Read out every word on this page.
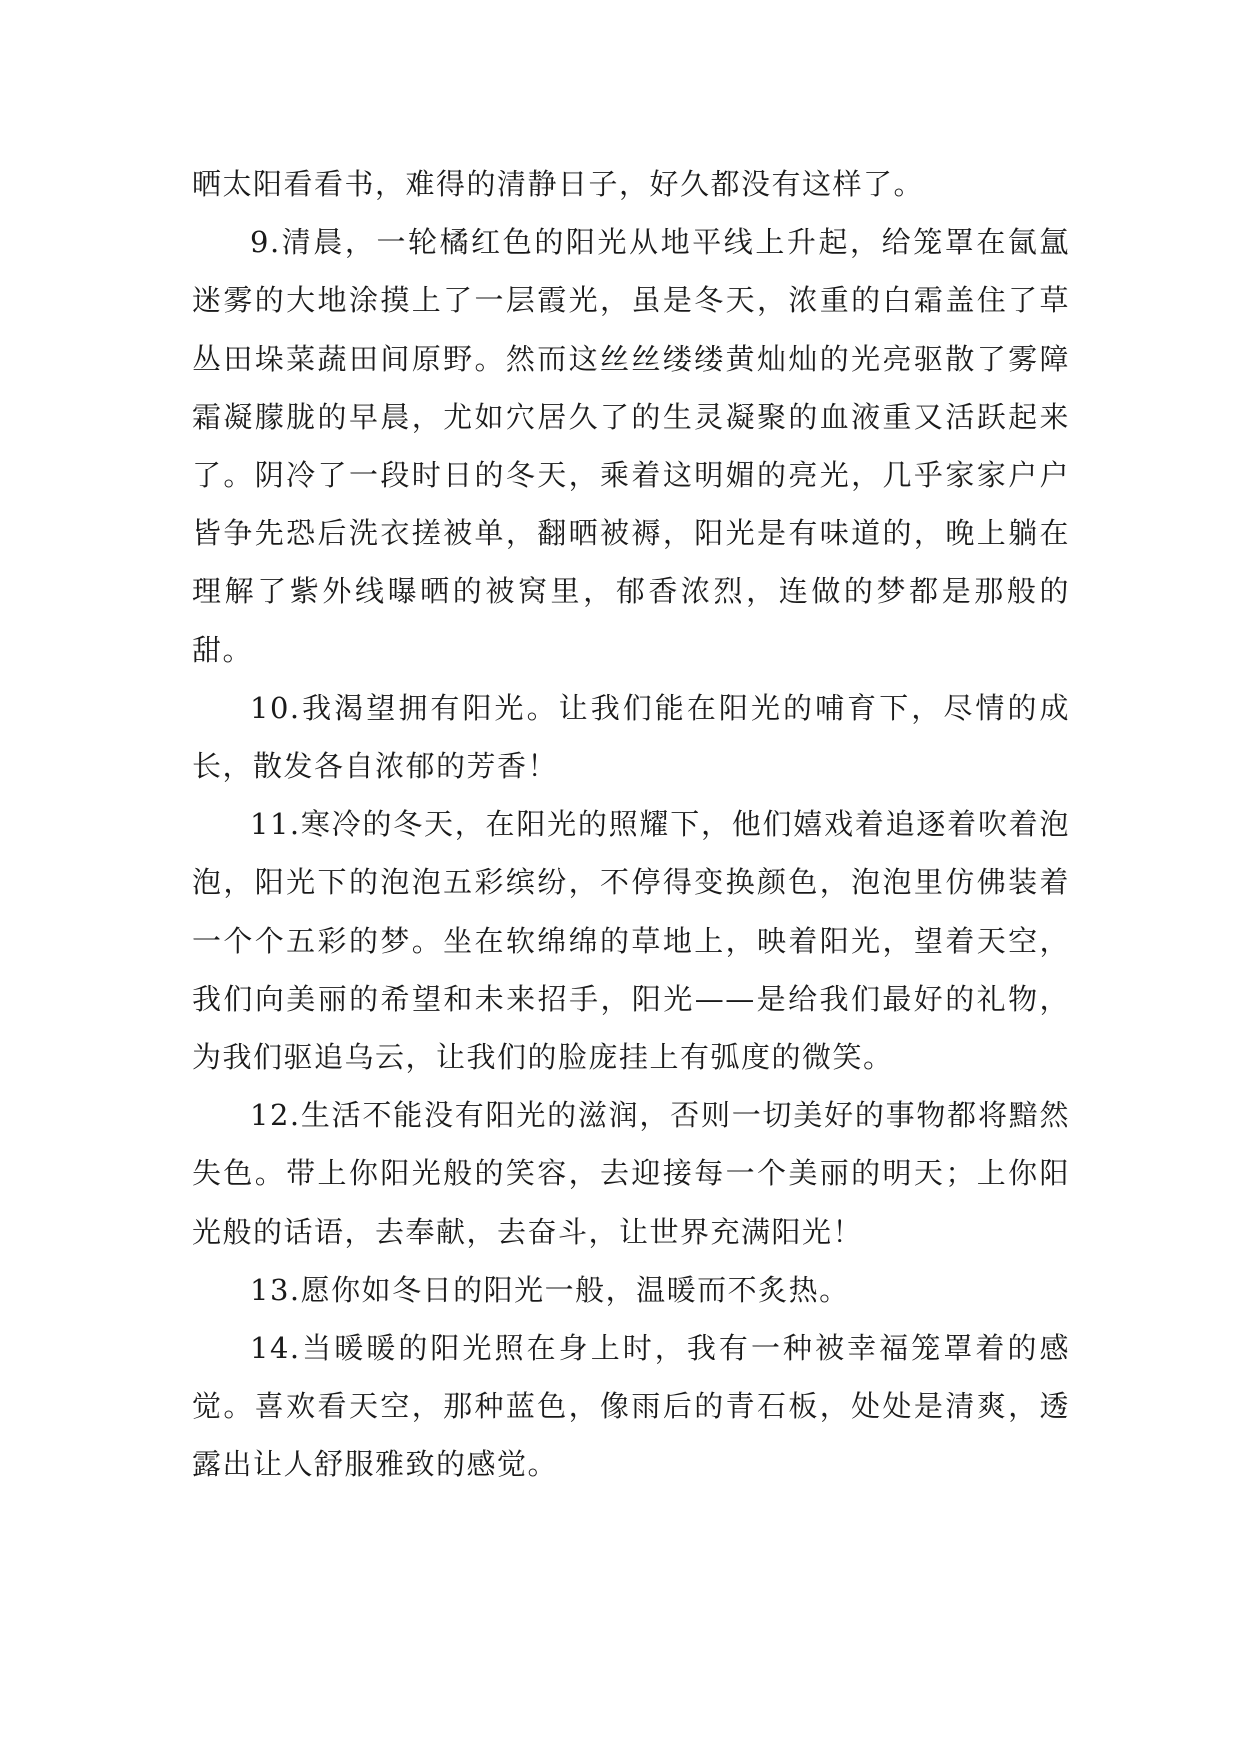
晒太阳看看书，难得的清静日子，好久都没有这样了。

9.清晨，一轮橘红色的阳光从地平线上升起，给笼罩在氤氲迷雾的大地涂摸上了一层霞光，虽是冬天，浓重的白霜盖住了草丛田垛菜蔬田间原野。然而这丝丝缕缕黄灿灿的光亮驱散了雾障霜凝朦胧的早晨，尤如穴居久了的生灵凝聚的血液重又活跃起来了。阴冷了一段时日的冬天，乘着这明媚的亮光，几乎家家户户皆争先恐后洗衣搓被单，翻晒被褥，阳光是有味道的，晚上躺在理解了紫外线曝晒的被窝里，郁香浓烈，连做的梦都是那般的甜。

10.我渴望拥有阳光。让我们能在阳光的哺育下，尽情的成长，散发各自浓郁的芳香！

11.寒冷的冬天，在阳光的照耀下，他们嬉戏着追逐着吹着泡泡，阳光下的泡泡五彩缤纷，不停得变换颜色，泡泡里仿佛装着一个个五彩的梦。坐在软绵绵的草地上，映着阳光，望着天空，我们向美丽的希望和未来招手，阳光——是给我们最好的礼物，为我们驱追乌云，让我们的脸庞挂上有弧度的微笑。

12.生活不能没有阳光的滋润，否则一切美好的事物都将黯然失色。带上你阳光般的笑容，去迎接每一个美丽的明天；上你阳光般的话语，去奉献，去奋斗，让世界充满阳光！

13.愿你如冬日的阳光一般，温暖而不炙热。

14.当暖暖的阳光照在身上时，我有一种被幸福笼罩着的感觉。喜欢看天空，那种蓝色，像雨后的青石板，处处是清爽，透露出让人舒服雅致的感觉。
